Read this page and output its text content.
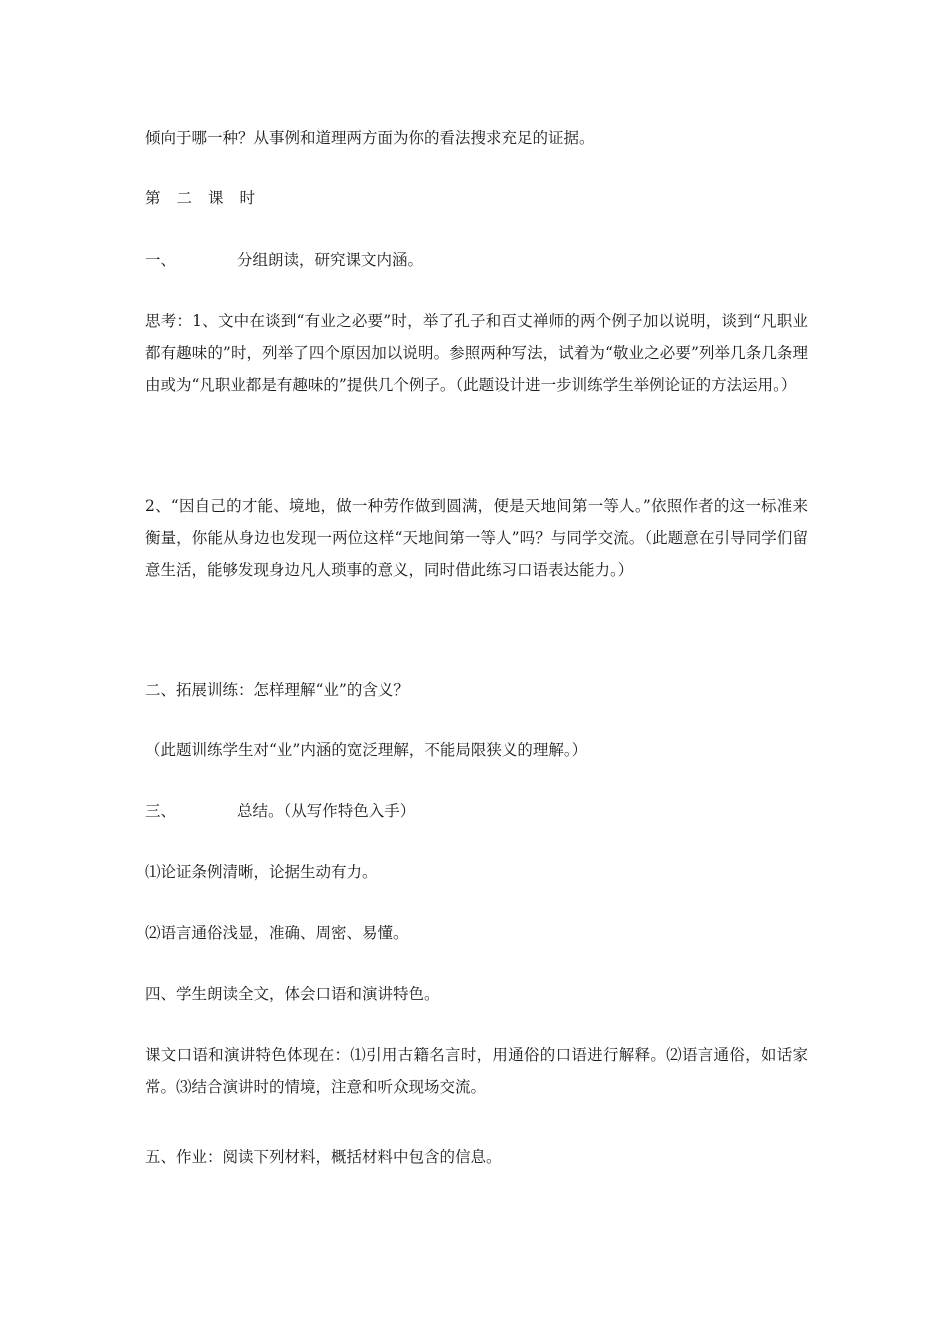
倾向于哪一种？从事例和道理两方面为你的看法搜求充足的证据。

第 二 课 时

一、	分组朗读，研究课文内涵。

思考：1、文中在谈到“有业之必要”时，举了孔子和百丈禅师的两个例子加以说明，谈到“凡职业都有趣味的”时，列举了四个原因加以说明。参照两种写法，试着为“敬业之必要”列举几条几条理由或为“凡职业都是有趣味的”提供几个例子。（此题设计进一步训练学生举例论证的方法运用。）

2、“因自己的才能、境地，做一种劳作做到圆满，便是天地间第一等人。”依照作者的这一标准来衡量，你能从身边也发现一两位这样“天地间第一等人”吗？与同学交流。（此题意在引导同学们留意生活，能够发现身边凡人琐事的意义，同时借此练习口语表达能力。）

二、拓展训练：怎样理解“业”的含义？

（此题训练学生对“业”内涵的宽泛理解，不能局限狭义的理解。）

三、	总结。（从写作特色入手）

⑴论证条例清晰，论据生动有力。

⑵语言通俗浅显，准确、周密、易懂。

四、学生朗读全文，体会口语和演讲特色。

课文口语和演讲特色体现在：⑴引用古籍名言时，用通俗的口语进行解释。⑵语言通俗，如话家常。⑶结合演讲时的情境，注意和听众现场交流。

五、作业：阅读下列材料，概括材料中包含的信息。
